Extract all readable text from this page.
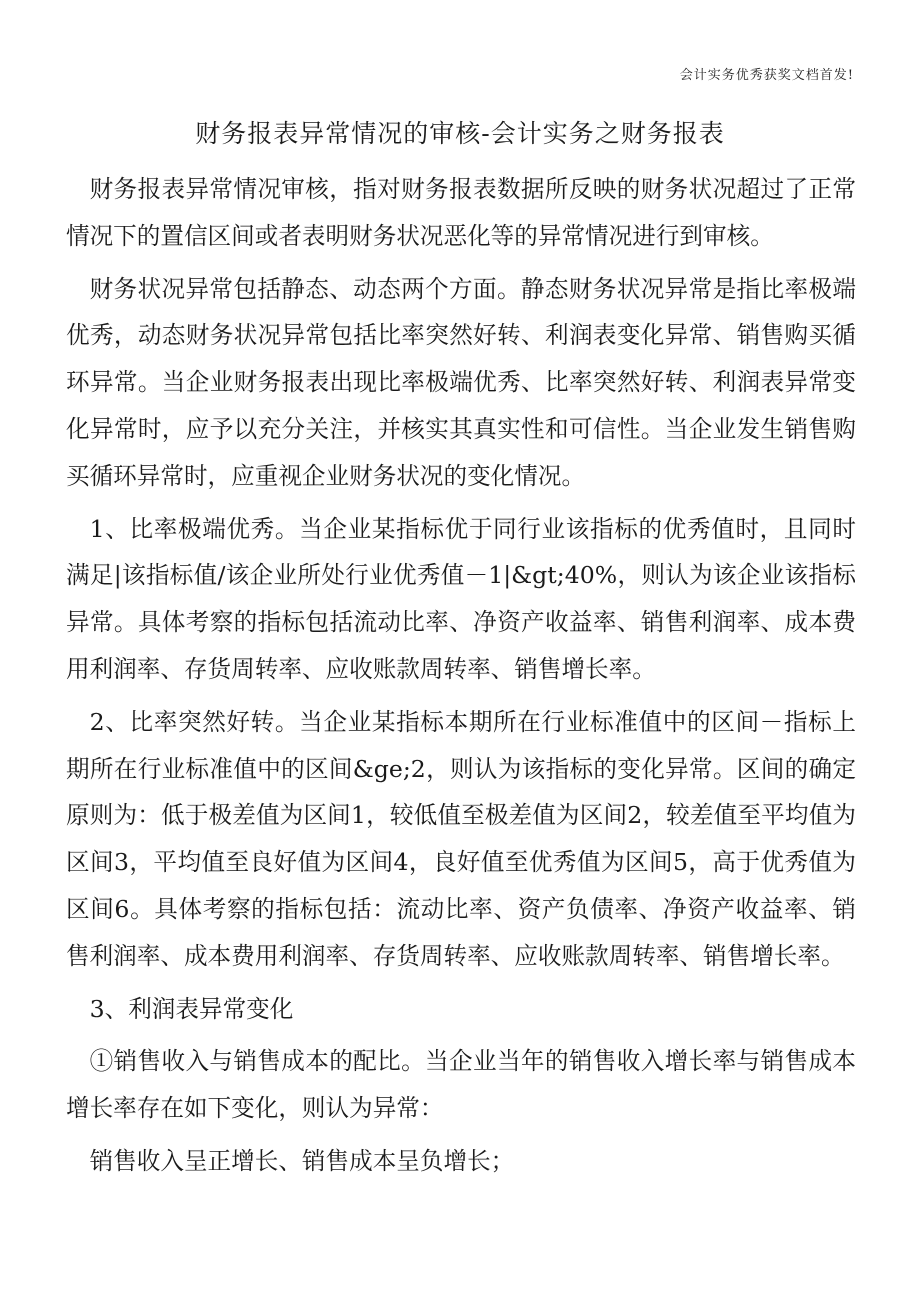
会计实务优秀获奖文档首发!
财务报表异常情况的审核-会计实务之财务报表

财务报表异常情况审核，指对财务报表数据所反映的财务状况超过了正常情况下的置信区间或者表明财务状况恶化等的异常情况进行到审核。

财务状况异常包括静态、动态两个方面。静态财务状况异常是指比率极端优秀，动态财务状况异常包括比率突然好转、利润表变化异常、销售购买循环异常。当企业财务报表出现比率极端优秀、比率突然好转、利润表异常变化异常时，应予以充分关注，并核实其真实性和可信性。当企业发生销售购买循环异常时，应重视企业财务状况的变化情况。

1、比率极端优秀。当企业某指标优于同行业该指标的优秀值时，且同时满足|该指标值/该企业所处行业优秀值－1|&gt;40%，则认为该企业该指标异常。具体考察的指标包括流动比率、净资产收益率、销售利润率、成本费用利润率、存货周转率、应收账款周转率、销售增长率。

2、比率突然好转。当企业某指标本期所在行业标准值中的区间－指标上期所在行业标准值中的区间&ge;2，则认为该指标的变化异常。区间的确定原则为：低于极差值为区间1，较低值至极差值为区间2，较差值至平均值为区间3，平均值至良好值为区间4，良好值至优秀值为区间5，高于优秀值为区间6。具体考察的指标包括：流动比率、资产负债率、净资产收益率、销售利润率、成本费用利润率、存货周转率、应收账款周转率、销售增长率。

3、利润表异常变化

①销售收入与销售成本的配比。当企业当年的销售收入增长率与销售成本增长率存在如下变化，则认为异常：

销售收入呈正增长、销售成本呈负增长；
